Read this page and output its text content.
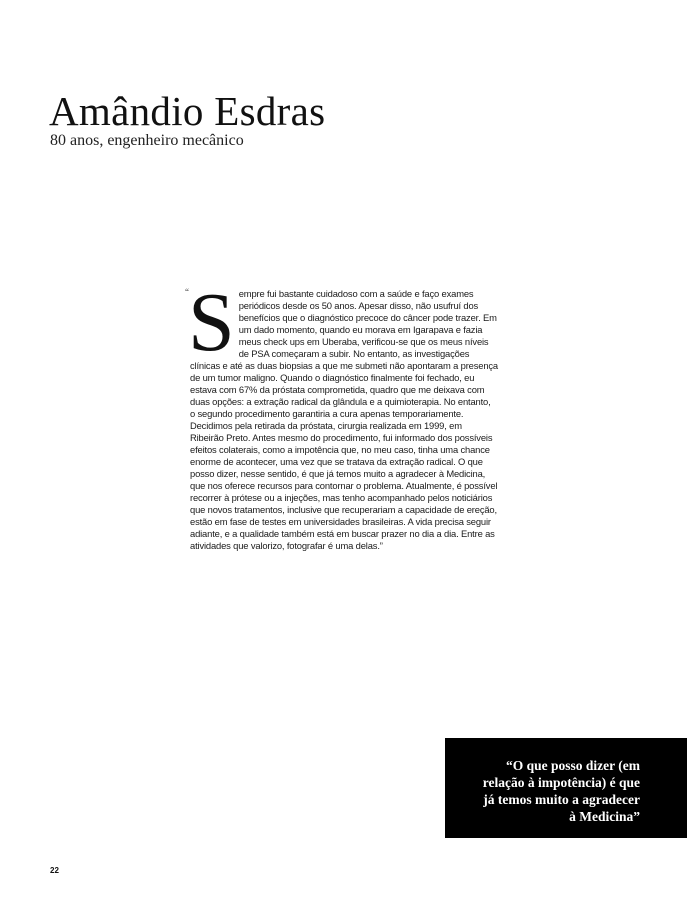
Amândio Esdras

80 anos, engenheiro mecânico

“ S empre fui bastante cuidadoso com a saúde e faço exames periódicos desde os 50 anos. Apesar disso, não usufruí dos benefícios que o diagnóstico precoce do câncer pode trazer. Em um dado momento, quando eu morava em Igarapava e fazia meus check ups em Uberaba, verificou-se que os meus níveis de PSA começaram a subir. No entanto, as investigações clínicas e até as duas biopsias a que me submeti não apontaram a presença de um tumor maligno. Quando o diagnóstico finalmente foi fechado, eu estava com 67% da próstata comprometida, quadro que me deixava com duas opções: a extração radical da glândula e a quimioterapia. No entanto, o segundo procedimento garantiria a cura apenas temporariamente. Decidimos pela retirada da próstata, cirurgia realizada em 1999, em Ribeirão Preto. Antes mesmo do procedimento, fui informado dos possíveis efeitos colaterais, como a impotência que, no meu caso, tinha uma chance enorme de acontecer, uma vez que se tratava da extração radical. O que posso dizer, nesse sentido, é que já temos muito a agradecer à Medicina, que nos oferece recursos para contornar o problema. Atualmente, é possível recorrer à prótese ou a injeções, mas tenho acompanhado pelos noticiários que novos tratamentos, inclusive que recuperariam a capacidade de ereção, estão em fase de testes em universidades brasileiras. A vida precisa seguir adiante, e a qualidade também está em buscar prazer no dia a dia. Entre as atividades que valorizo, fotografar é uma delas.”

“O que posso dizer (em relação à impotência) é que já temos muito a agradecer à Medicina”

22
